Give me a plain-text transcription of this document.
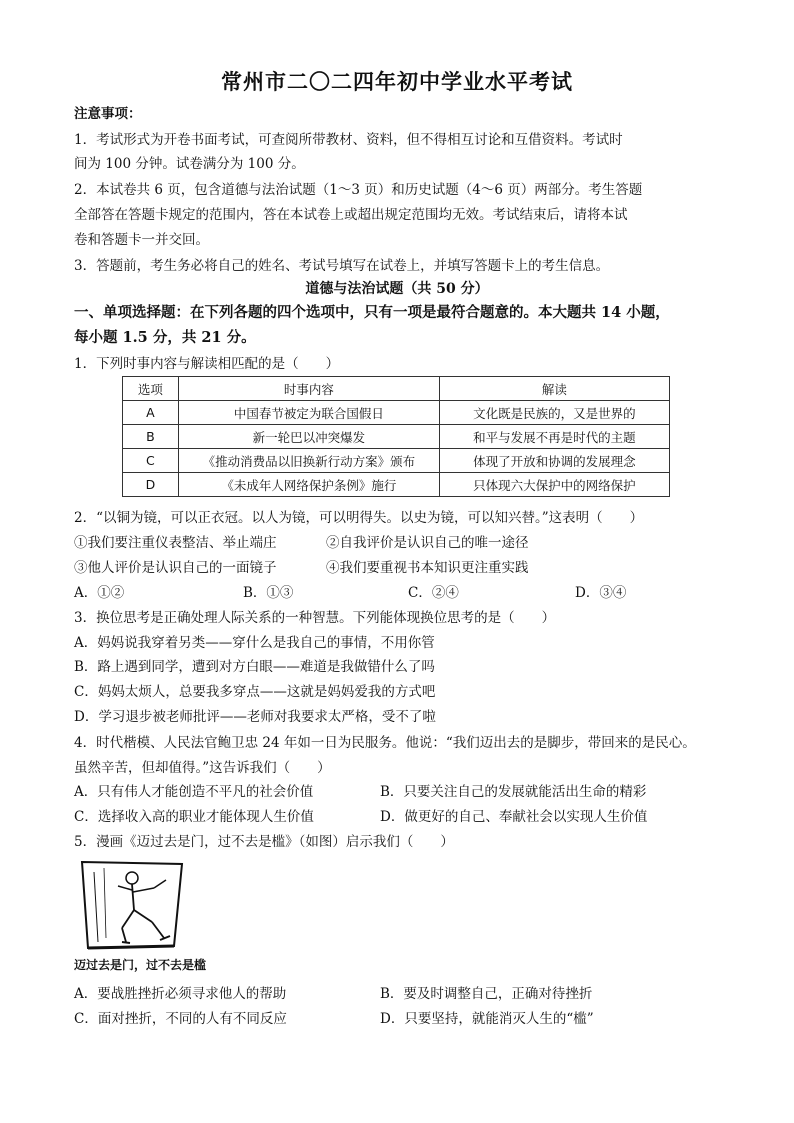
常州市二〇二四年初中学业水平考试
注意事项：
1．考试形式为开卷书面考试，可查阅所带教材、资料，但不得相互讨论和互借资料。考试时
间为 100 分钟。试卷满分为 100 分。
2．本试卷共 6 页，包含道德与法治试题（1～3 页）和历史试题（4～6 页）两部分。考生答题
全部答在答题卡规定的范围内，答在本试卷上或超出规定范围均无效。考试结束后，请将本试
卷和答题卡一并交回。
3．答题前，考生务必将自己的姓名、考试号填写在试卷上，并填写答题卡上的考生信息。
道德与法治试题（共 50 分）
一、单项选择题：在下列各题的四个选项中，只有一项是最符合题意的。本大题共 14 小题，
每小题 1.5 分，共 21 分。
1．下列时事内容与解读相匹配的是（　　）
选项	时事内容	解读
A	中国春节被定为联合国假日	文化既是民族的，又是世界的
B	新一轮巴以冲突爆发	和平与发展不再是时代的主题
C	《推动消费品以旧换新行动方案》颁布	体现了开放和协调的发展理念
D	《未成年人网络保护条例》施行	只体现六大保护中的网络保护
2．“以铜为镜，可以正衣冠。以人为镜，可以明得失。以史为镜，可以知兴替。”这表明（　　）
①我们要注重仪表整洁、举止端庄	②自我评价是认识自己的唯一途径
③他人评价是认识自己的一面镜子	④我们要重视书本知识更注重实践
A．①②	B．①③	C．②④	D．③④
3．换位思考是正确处理人际关系的一种智慧。下列能体现换位思考的是（　　）
A．妈妈说我穿着另类——穿什么是我自己的事情，不用你管
B．路上遇到同学，遭到对方白眼——难道是我做错什么了吗
C．妈妈太烦人，总要我多穿点——这就是妈妈爱我的方式吧
D．学习退步被老师批评——老师对我要求太严格，受不了啦
4．时代楷模、人民法官鲍卫忠 24 年如一日为民服务。他说：“我们迈出去的是脚步，带回来的是民心。
虽然辛苦，但却值得。”这告诉我们（　　）
A．只有伟人才能创造不平凡的社会价值	B．只要关注自己的发展就能活出生命的精彩
C．选择收入高的职业才能体现人生价值	D．做更好的自己、奉献社会以实现人生价值
5．漫画《迈过去是门，过不去是槛》（如图）启示我们（　　）
迈过去是门，过不去是槛
A．要战胜挫折必须寻求他人的帮助	B．要及时调整自己，正确对待挫折
C．面对挫折，不同的人有不同反应	D．只要坚持，就能消灭人生的“槛”
